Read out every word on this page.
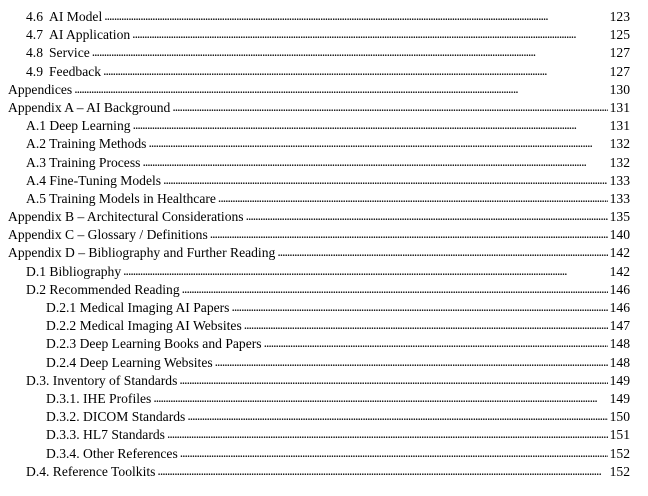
4.6 AI Model . . .	123
4.7 AI Application . . .	125
4.8 Service . . .	127
4.9 Feedback . . .	127
Appendices . . .	130
Appendix A – AI Background . . .	131
A.1 Deep Learning . . .	131
A.2 Training Methods . . .	132
A.3 Training Process . . .	132
A.4 Fine-Tuning Models . . .	133
A.5 Training Models in Healthcare . . .	133
Appendix B – Architectural Considerations . . .	135
Appendix C – Glossary / Definitions . . .	140
Appendix D – Bibliography and Further Reading . . .	142
D.1 Bibliography . . .	142
D.2 Recommended Reading . . .	146
D.2.1 Medical Imaging AI Papers . . .	146
D.2.2 Medical Imaging AI Websites . . .	147
D.2.3 Deep Learning Books and Papers . . .	148
D.2.4 Deep Learning Websites . . .	148
D.3. Inventory of Standards . . .	149
D.3.1. IHE Profiles . . .	149
D.3.2. DICOM Standards . . .	150
D.3.3. HL7 Standards . . .	151
D.3.4. Other References . . .	152
D.4. Reference Toolkits . . .	152
